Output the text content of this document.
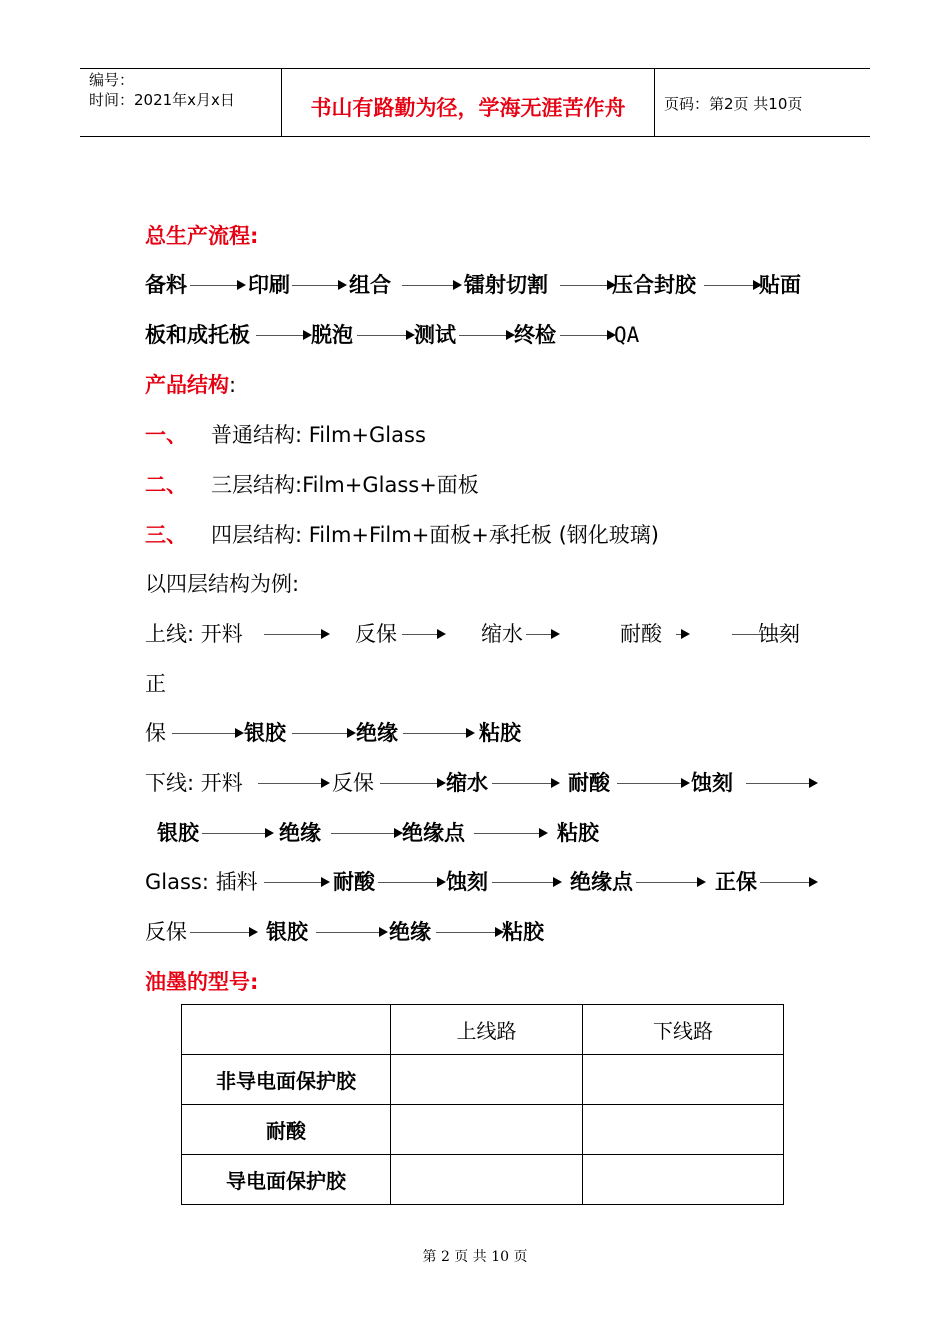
编号：
时间：2021年x月x日	书山有路勤为径，学海无涯苦作舟	页码：第2页 共10页
总生产流程:
备料	印刷	组合	镭射切割	压合封胶	贴面
板和成托板	脱泡	测试	终检	QA
产品结构:
一、 普通结构: Film+Glass
二、 三层结构:Film+Glass+面板
三、 四层结构: Film+Film+面板+承托板 (钢化玻璃)
以四层结构为例:
上线: 开料	反保	缩水	耐酸	蚀刻
正
保	银胶	绝缘	粘胶
下线: 开料	反保	缩水	耐酸	蚀刻
银胶	绝缘	绝缘点	粘胶
Glass: 插料	耐酸	蚀刻	绝缘点	正保
反保	银胶	绝缘	粘胶
油墨的型号:
	上线路	下线路
非导电面保护胶		
耐酸		
导电面保护胶		
第 2 页 共 10 页
